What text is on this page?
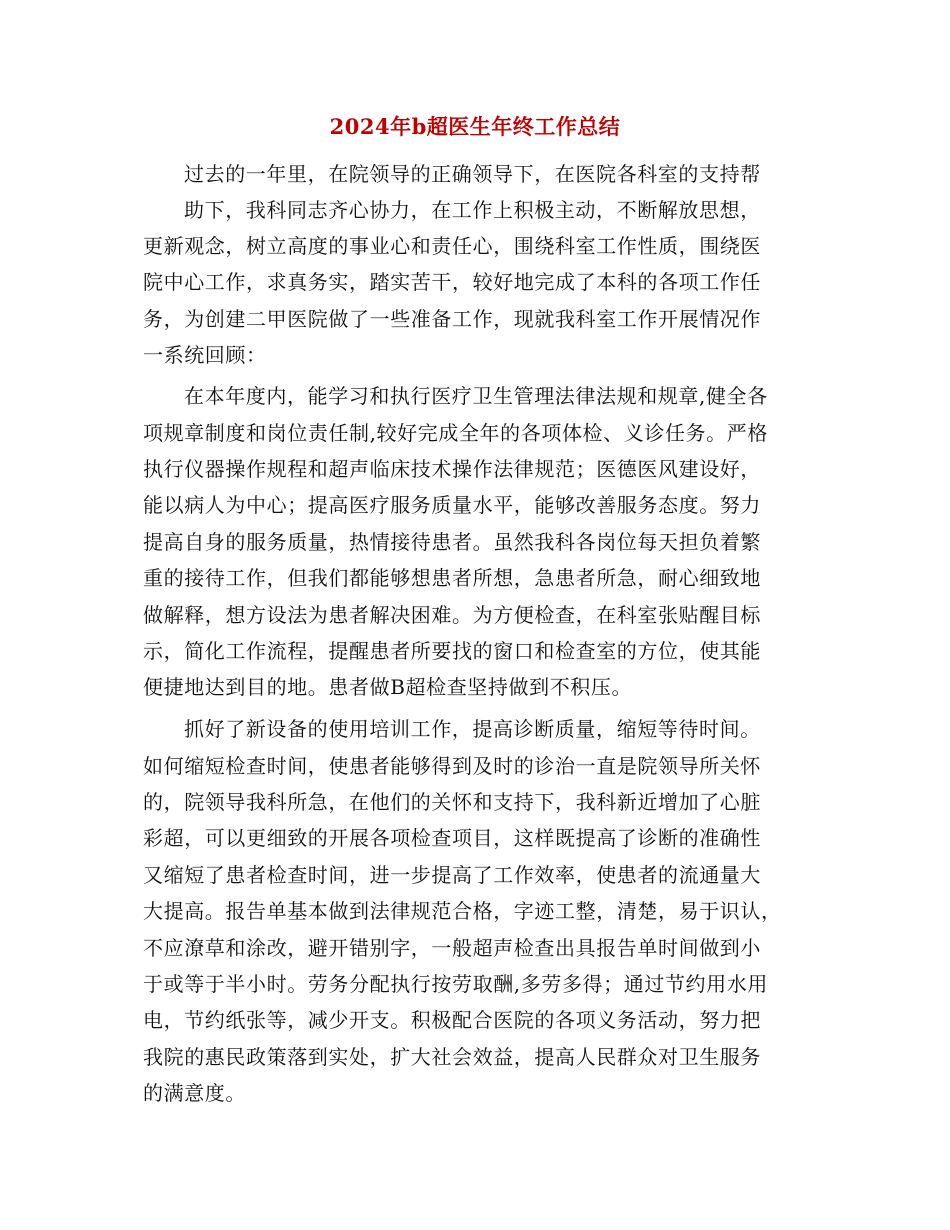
2024年b超医生年终工作总结
过去的一年里，在院领导的正确领导下，在医院各科室的支持帮
助下，我科同志齐心协力，在工作上积极主动，不断解放思想，
更新观念，树立高度的事业心和责任心，围绕科室工作性质，围绕医
院中心工作，求真务实，踏实苦干，较好地完成了本科的各项工作任
务，为创建二甲医院做了一些准备工作，现就我科室工作开展情况作
一系统回顾：
在本年度内，能学习和执行医疗卫生管理法律法规和规章,健全各
项规章制度和岗位责任制,较好完成全年的各项体检、义诊任务。严格
执行仪器操作规程和超声临床技术操作法律规范；医德医风建设好，
能以病人为中心；提高医疗服务质量水平，能够改善服务态度。努力
提高自身的服务质量，热情接待患者。虽然我科各岗位每天担负着繁
重的接待工作，但我们都能够想患者所想，急患者所急，耐心细致地
做解释，想方设法为患者解决困难。为方便检查，在科室张贴醒目标
示，简化工作流程，提醒患者所要找的窗口和检查室的方位，使其能
便捷地达到目的地。患者做B超检查坚持做到不积压。
抓好了新设备的使用培训工作，提高诊断质量，缩短等待时间。
如何缩短检查时间，使患者能够得到及时的诊治一直是院领导所关怀
的，院领导我科所急，在他们的关怀和支持下，我科新近增加了心脏
彩超，可以更细致的开展各项检查项目，这样既提高了诊断的准确性
又缩短了患者检查时间，进一步提高了工作效率，使患者的流通量大
大提高。报告单基本做到法律规范合格，字迹工整，清楚，易于识认，
不应潦草和涂改，避开错别字，一般超声检查出具报告单时间做到小
于或等于半小时。劳务分配执行按劳取酬,多劳多得；通过节约用水用
电，节约纸张等，减少开支。积极配合医院的各项义务活动，努力把
我院的惠民政策落到实处，扩大社会效益，提高人民群众对卫生服务
的满意度。
